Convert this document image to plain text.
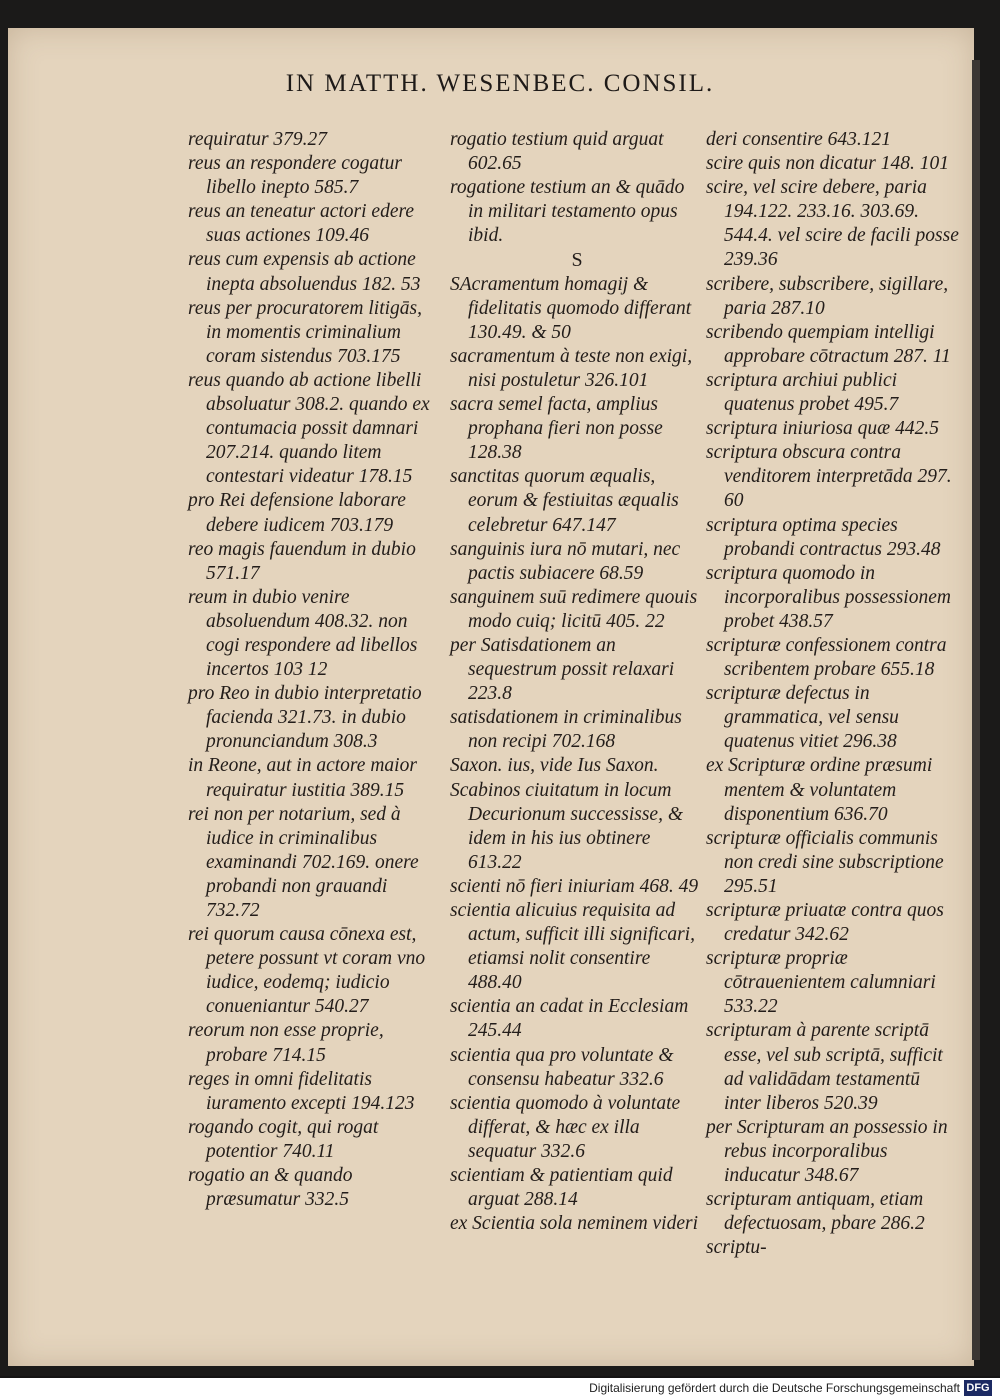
IN MATTH. WESENBEC. CONSIL.

requiratur 379.27

reus an respondere cogatur libello inepto 585.7

reus an teneatur actori edere suas actiones 109.46

reus cum expensis ab actione inepta absoluendus 182. 53

reus per procuratorem litigās, in momentis criminalium coram sistendus 703.175

reus quando ab actione libelli absoluatur 308.2. quando ex contumacia possit damnari 207.214. quando litem contestari videatur 178.15

pro Rei defensione laborare debere iudicem 703.179

reo magis fauendum in dubio 571.17

reum in dubio venire absoluendum 408.32. non cogi respondere ad libellos incertos 103 12

pro Reo in dubio interpretatio facienda 321.73. in dubio pronunciandum 308.3

in Reone, aut in actore maior requiratur iustitia 389.15

rei non per notarium, sed à iudice in criminalibus examinandi 702.169. onere probandi non grauandi 732.72

rei quorum causa cōnexa est, petere possunt vt coram vno iudice, eodemq; iudicio conueniantur 540.27

reorum non esse proprie, probare 714.15

reges in omni fidelitatis iuramento excepti 194.123

rogando cogit, qui rogat potentior 740.11

rogatio an & quando præsumatur 332.5

rogatio testium quid arguat 602.65

rogatione testium an & quādo in militari testamento opus ibid.

S

SAcramentum homagij & fidelitatis quomodo differant 130.49. & 50

sacramentum à teste non exigi, nisi postuletur 326.101

sacra semel facta, amplius prophana fieri non posse 128.38

sanctitas quorum æqualis, eorum & festiuitas æqualis celebretur 647.147

sanguinis iura nō mutari, nec pactis subiacere 68.59

sanguinem suū redimere quouis modo cuiq; licitū 405. 22

per Satisdationem an sequestrum possit relaxari 223.8

satisdationem in criminalibus non recipi 702.168

Saxon. ius, vide Ius Saxon.

Scabinos ciuitatum in locum Decurionum successisse, & idem in his ius obtinere 613.22

scienti nō fieri iniuriam 468. 49

scientia alicuius requisita ad actum, sufficit illi significari, etiamsi nolit consentire 488.40

scientia an cadat in Ecclesiam 245.44

scientia qua pro voluntate & consensu habeatur 332.6

scientia quomodo à voluntate differat, & hæc ex illa sequatur 332.6

scientiam & patientiam quid arguat 288.14

ex Scientia sola neminem videri

deri consentire 643.121

scire quis non dicatur 148. 101

scire, vel scire debere, paria 194.122. 233.16. 303.69. 544.4. vel scire de facili posse 239.36

scribere, subscribere, sigillare, paria 287.10

scribendo quempiam intelligi approbare cōtractum 287. 11

scriptura archiui publici quatenus probet 495.7

scriptura iniuriosa quæ 442.5

scriptura obscura contra venditorem interpretāda 297. 60

scriptura optima species probandi contractus 293.48

scriptura quomodo in incorporalibus possessionem probet 438.57

scripturæ confessionem contra scribentem probare 655.18

scripturæ defectus in grammatica, vel sensu quatenus vitiet 296.38

ex Scripturæ ordine præsumi mentem & voluntatem disponentium 636.70

scripturæ officialis communis non credi sine subscriptione 295.51

scripturæ priuatæ contra quos credatur 342.62

scripturæ propriæ cōtrauenientem calumniari 533.22

scripturam à parente scriptā esse, vel sub scriptā, sufficit ad validādam testamentū inter liberos 520.39

per Scripturam an possessio in rebus incorporalibus inducatur 348.67

scripturam antiquam, etiam defectuosam, pbare 286.2

scriptu-

Digitalisierung gefördert durch die Deutsche Forschungsgemeinschaft DFG
